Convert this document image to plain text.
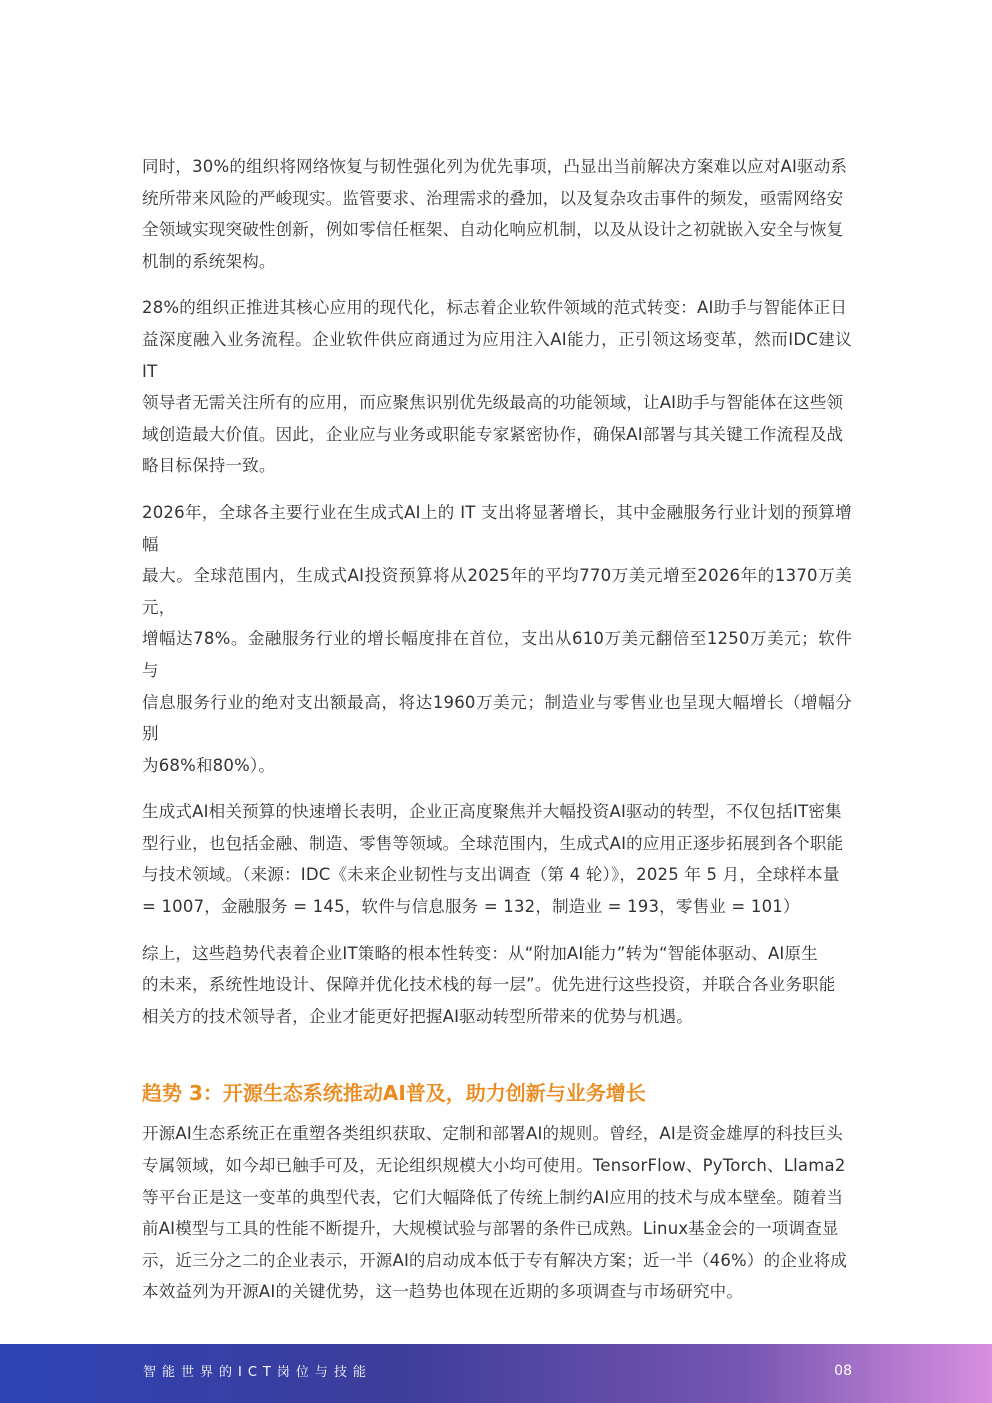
同时，30%的组织将网络恢复与韧性强化列为优先事项，凸显出当前解决方案难以应对AI驱动系
统所带来风险的严峻现实。监管要求、治理需求的叠加，以及复杂攻击事件的频发，亟需网络安
全领域实现突破性创新，例如零信任框架、自动化响应机制，以及从设计之初就嵌入安全与恢复
机制的系统架构。

28%的组织正推进其核心应用的现代化，标志着企业软件领域的范式转变：AI助手与智能体正日
益深度融入业务流程。企业软件供应商通过为应用注入AI能力，正引领这场变革，然而IDC建议IT
领导者无需关注所有的应用，而应聚焦识别优先级最高的功能领域，让AI助手与智能体在这些领
域创造最大价值。因此，企业应与业务或职能专家紧密协作，确保AI部署与其关键工作流程及战
略目标保持一致。

2026年，全球各主要行业在生成式AI上的 IT 支出将显著增长，其中金融服务行业计划的预算增幅
最大。全球范围内，生成式AI投资预算将从2025年的平均770万美元增至2026年的1370万美元，
增幅达78%。金融服务行业的增长幅度排在首位，支出从610万美元翻倍至1250万美元；软件与
信息服务行业的绝对支出额最高，将达1960万美元；制造业与零售业也呈现大幅增长（增幅分别
为68%和80%）。

生成式AI相关预算的快速增长表明，企业正高度聚焦并大幅投资AI驱动的转型，不仅包括IT密集
型行业，也包括金融、制造、零售等领域。全球范围内，生成式AI的应用正逐步拓展到各个职能
与技术领域。（来源：IDC《未来企业韧性与支出调查（第 4 轮）》，2025 年 5 月，全球样本量
= 1007，金融服务 = 145，软件与信息服务 = 132，制造业 = 193，零售业 = 101）

综上，这些趋势代表着企业IT策略的根本性转变：从“附加AI能力”转为“智能体驱动、AI原生
的未来，系统性地设计、保障并优化技术栈的每一层”。优先进行这些投资，并联合各业务职能
相关方的技术领导者，企业才能更好把握AI驱动转型所带来的优势与机遇。

趋势 3：开源生态系统推动AI普及，助力创新与业务增长

开源AI生态系统正在重塑各类组织获取、定制和部署AI的规则。曾经，AI是资金雄厚的科技巨头
专属领域，如今却已触手可及，无论组织规模大小均可使用。TensorFlow、PyTorch、Llama2
等平台正是这一变革的典型代表，它们大幅降低了传统上制约AI应用的技术与成本壁垒。随着当
前AI模型与工具的性能不断提升，大规模试验与部署的条件已成熟。Linux基金会的一项调查显
示，近三分之二的企业表示，开源AI的启动成本低于专有解决方案；近一半（46%）的企业将成
本效益列为开源AI的关键优势，这一趋势也体现在近期的多项调查与市场研究中。

智能世界的ICT岗位与技能	08
